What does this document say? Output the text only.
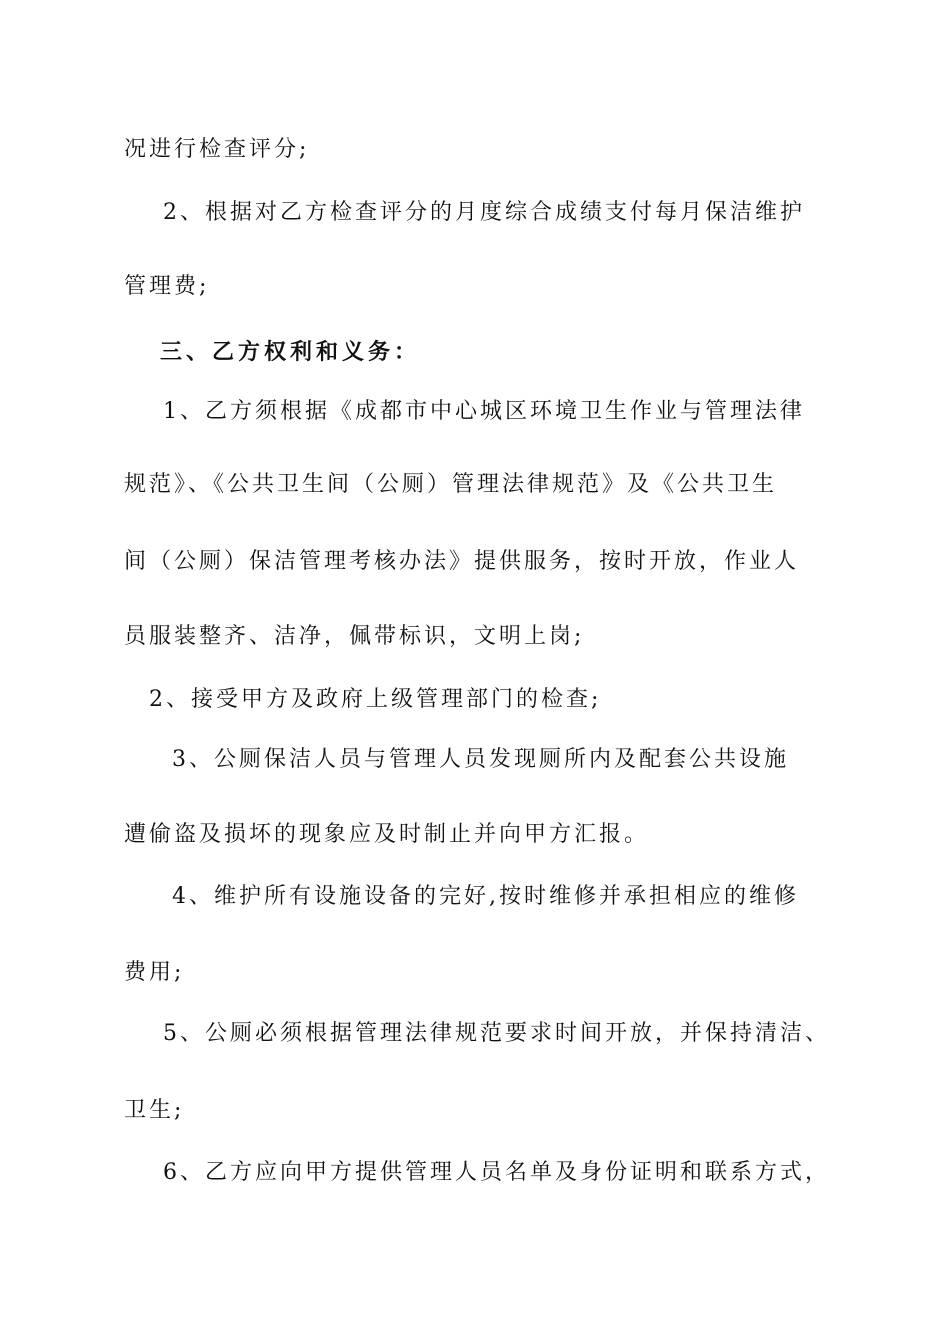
况进行检查评分;
2、根据对乙方检查评分的月度综合成绩支付每月保洁维护
管理费;
三、乙方权利和义务：
1、乙方须根据《成都市中心城区环境卫生作业与管理法律
规范》、《公共卫生间（公厕）管理法律规范》及《公共卫生
间（公厕）保洁管理考核办法》提供服务，按时开放，作业人
员服装整齐、洁净，佩带标识，文明上岗;
2、接受甲方及政府上级管理部门的检查;
3、公厕保洁人员与管理人员发现厕所内及配套公共设施
遭偷盗及损坏的现象应及时制止并向甲方汇报。
4、维护所有设施设备的完好,按时维修并承担相应的维修
费用;
5、公厕必须根据管理法律规范要求时间开放，并保持清洁、
卫生;
6、乙方应向甲方提供管理人员名单及身份证明和联系方式，
